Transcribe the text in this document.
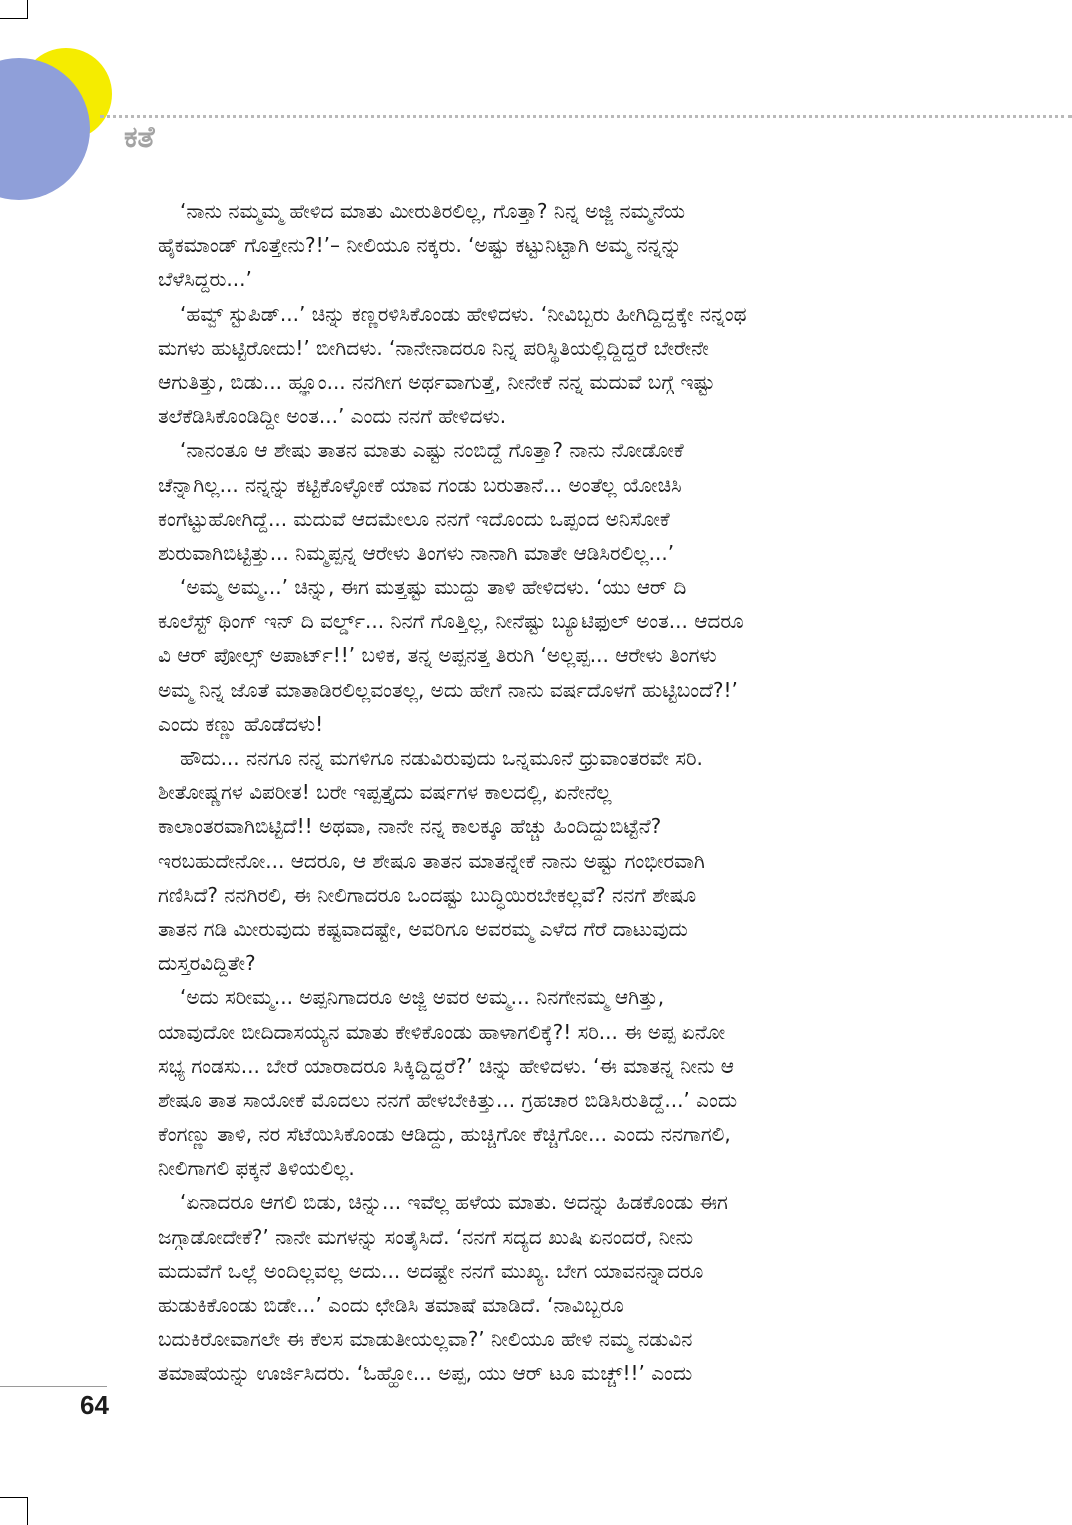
ಕತೆ
‘ನಾನು ನಮ್ಮಮ್ಮ ಹೇಳಿದ ಮಾತು ಮೀರುತಿರಲಿಲ್ಲ, ಗೊತ್ತಾ? ನಿನ್ನ ಅಜ್ಜಿ ನಮ್ಮನೆಯ
ಹೈಕಮಾಂಡ್ ಗೊತ್ತೇನು?!’– ನೀಲಿಯೂ ನಕ್ಕರು. ‘ಅಷ್ಟು ಕಟ್ಟುನಿಟ್ಟಾಗಿ ಅಮ್ಮ ನನ್ನನ್ನು
ಬೆಳೆಸಿದ್ದರು...’
‘ಹವ್ವ್ ಸ್ಟುಪಿಡ್...’ ಚಿನ್ನು ಕಣ್ಣರಳಿಸಿಕೊಂಡು ಹೇಳಿದಳು. ‘ನೀವಿಬ್ಬರು ಹೀಗಿದ್ದಿದ್ದಕ್ಕೇ ನನ್ನಂಥ
ಮಗಳು ಹುಟ್ಟಿರೋದು!’ ಬೀಗಿದಳು. ‘ನಾನೇನಾದರೂ ನಿನ್ನ ಪರಿಸ್ಥಿತಿಯಲ್ಲಿದ್ದಿದ್ದರೆ ಬೇರೇನೇ
ಆಗುತಿತ್ತು, ಬಿಡು... ಹ್ಞೂಂ... ನನಗೀಗ ಅರ್ಥವಾಗುತ್ತೆ, ನೀನೇಕೆ ನನ್ನ ಮದುವೆ ಬಗ್ಗೆ ಇಷ್ಟು
ತಲೆಕೆಡಿಸಿಕೊಂಡಿದ್ದೀ ಅಂತ...’ ಎಂದು ನನಗೆ ಹೇಳಿದಳು.
‘ನಾನಂತೂ ಆ ಶೇಷು ತಾತನ ಮಾತು ಎಷ್ಟು ನಂಬಿದ್ದೆ ಗೊತ್ತಾ? ನಾನು ನೋಡೋಕೆ
ಚೆನ್ನಾಗಿಲ್ಲ... ನನ್ನನ್ನು ಕಟ್ಟಿಕೊಳ್ಳೋಕೆ ಯಾವ ಗಂಡು ಬರುತಾನೆ... ಅಂತೆಲ್ಲ ಯೋಚಿಸಿ
ಕಂಗೆಟ್ಟುಹೋಗಿದ್ದೆ... ಮದುವೆ ಆದಮೇಲೂ ನನಗೆ ಇದೊಂದು ಒಪ್ಪಂದ ಅನಿಸೋಕೆ
ಶುರುವಾಗಿಬಿಟ್ಟಿತ್ತು... ನಿಮ್ಮಪ್ಪನ್ನ ಆರೇಳು ತಿಂಗಳು ನಾನಾಗಿ ಮಾತೇ ಆಡಿಸಿರಲಿಲ್ಲ...’
‘ಅಮ್ಮ ಅಮ್ಮ...’ ಚಿನ್ನು, ಈಗ ಮತ್ತಷ್ಟು ಮುದ್ದು ತಾಳಿ ಹೇಳಿದಳು. ‘ಯು ಆರ್ ದಿ
ಕೂಲೆಸ್ಟ್ ಥಿಂಗ್ ಇನ್ ದಿ ವರ್ಲ್ಡ್... ನಿನಗೆ ಗೊತ್ತಿಲ್ಲ, ನೀನೆಷ್ಟು ಬ್ಯೂಟಿಫುಲ್ ಅಂತ... ಆದರೂ
ವಿ ಆರ್ ಪೋಲ್ಸ್ ಅಪಾರ್ಟ್!!’ ಬಳಿಕ, ತನ್ನ ಅಪ್ಪನತ್ತ ತಿರುಗಿ ‘ಅಲ್ಲಪ್ಪ... ಆರೇಳು ತಿಂಗಳು
ಅಮ್ಮ ನಿನ್ನ ಜೊತೆ ಮಾತಾಡಿರಲಿಲ್ಲವಂತಲ್ಲ, ಅದು ಹೇಗೆ ನಾನು ವರ್ಷದೊಳಗೆ ಹುಟ್ಟಿಬಂದೆ?!’
ಎಂದು ಕಣ್ಣು ಹೊಡೆದಳು!
ಹೌದು... ನನಗೂ ನನ್ನ ಮಗಳಿಗೂ ನಡುವಿರುವುದು ಒನ್ನಮೂನೆ ಧ್ರುವಾಂತರವೇ ಸರಿ.
ಶೀತೋಷ್ಣಗಳ ವಿಪರೀತ! ಬರೇ ಇಪ್ಪತ್ತೈದು ವರ್ಷಗಳ ಕಾಲದಲ್ಲಿ, ಏನೇನೆಲ್ಲ
ಕಾಲಾಂತರವಾಗಿಬಿಟ್ಟಿದೆ!! ಅಥವಾ, ನಾನೇ ನನ್ನ ಕಾಲಕ್ಕೂ ಹೆಚ್ಚು ಹಿಂದಿದ್ದುಬಿಟ್ಟೆನೆ?
ಇರಬಹುದೇನೋ... ಆದರೂ, ಆ ಶೇಷೂ ತಾತನ ಮಾತನ್ನೇಕೆ ನಾನು ಅಷ್ಟು ಗಂಭೀರವಾಗಿ
ಗಣಿಸಿದೆ? ನನಗಿರಲಿ, ಈ ನೀಲಿಗಾದರೂ ಒಂದಷ್ಟು ಬುದ್ಧಿಯಿರಬೇಕಲ್ಲವೆ? ನನಗೆ ಶೇಷೂ
ತಾತನ ಗಡಿ ಮೀರುವುದು ಕಷ್ಟವಾದಷ್ಟೇ, ಅವರಿಗೂ ಅವರಮ್ಮ ಎಳೆದ ಗೆರೆ ದಾಟುವುದು
ದುಸ್ತರವಿದ್ದಿತೇ?
‘ಅದು ಸರೀಮ್ಮ... ಅಪ್ಪನಿಗಾದರೂ ಅಜ್ಜಿ ಅವರ ಅಮ್ಮ... ನಿನಗೇನಮ್ಮ ಆಗಿತ್ತು,
ಯಾವುದೋ ಬೀದಿದಾಸಯ್ಯನ ಮಾತು ಕೇಳಿಕೊಂಡು ಹಾಳಾಗಲಿಕ್ಕೆ?! ಸರಿ... ಈ ಅಪ್ಪ ಏನೋ
ಸಭ್ಯ ಗಂಡಸು... ಬೇರೆ ಯಾರಾದರೂ ಸಿಕ್ಕಿದ್ದಿದ್ದರೆ?’ ಚಿನ್ನು ಹೇಳಿದಳು. ‘ಈ ಮಾತನ್ನ ನೀನು ಆ
ಶೇಷೂ ತಾತ ಸಾಯೋಕೆ ಮೊದಲು ನನಗೆ ಹೇಳಬೇಕಿತ್ತು... ಗ್ರಹಚಾರ ಬಿಡಿಸಿರುತಿದ್ದೆ...’ ಎಂದು
ಕೆಂಗಣ್ಣು ತಾಳಿ, ನರ ಸೆಟೆಯಿಸಿಕೊಂಡು ಆಡಿದ್ದು, ಹುಚ್ಚಿಗೋ ಕೆಚ್ಚಿಗೋ... ಎಂದು ನನಗಾಗಲಿ,
ನೀಲಿಗಾಗಲಿ ಫಕ್ಕನೆ ತಿಳಿಯಲಿಲ್ಲ.
‘ಏನಾದರೂ ಆಗಲಿ ಬಿಡು, ಚಿನ್ನು... ಇವೆಲ್ಲ ಹಳೆಯ ಮಾತು. ಅದನ್ನು ಹಿಡಕೊಂಡು ಈಗ
ಜಗ್ಗಾಡೋದೇಕೆ?’ ನಾನೇ ಮಗಳನ್ನು ಸಂತೈಸಿದೆ. ‘ನನಗೆ ಸದ್ಯದ ಖುಷಿ ಏನಂದರೆ, ನೀನು
ಮದುವೆಗೆ ಒಲ್ಲೆ ಅಂದಿಲ್ಲವಲ್ಲ ಅದು... ಅದಷ್ಟೇ ನನಗೆ ಮುಖ್ಯ. ಬೇಗ ಯಾವನನ್ನಾದರೂ
ಹುಡುಕಿಕೊಂಡು ಬಿಡೇ...’ ಎಂದು ಛೇಡಿಸಿ ತಮಾಷೆ ಮಾಡಿದೆ. ‘ನಾವಿಬ್ಬರೂ
ಬದುಕಿರೋವಾಗಲೇ ಈ ಕೆಲಸ ಮಾಡುತೀಯಲ್ಲವಾ?’ ನೀಲಿಯೂ ಹೇಳಿ ನಮ್ಮ ನಡುವಿನ
ತಮಾಷೆಯನ್ನು ಊರ್ಜಿಸಿದರು. ‘ಓಹ್ಹೋ... ಅಪ್ಪ, ಯು ಆರ್ ಟೂ ಮಚ್ಚ್!!’ ಎಂದು
64
